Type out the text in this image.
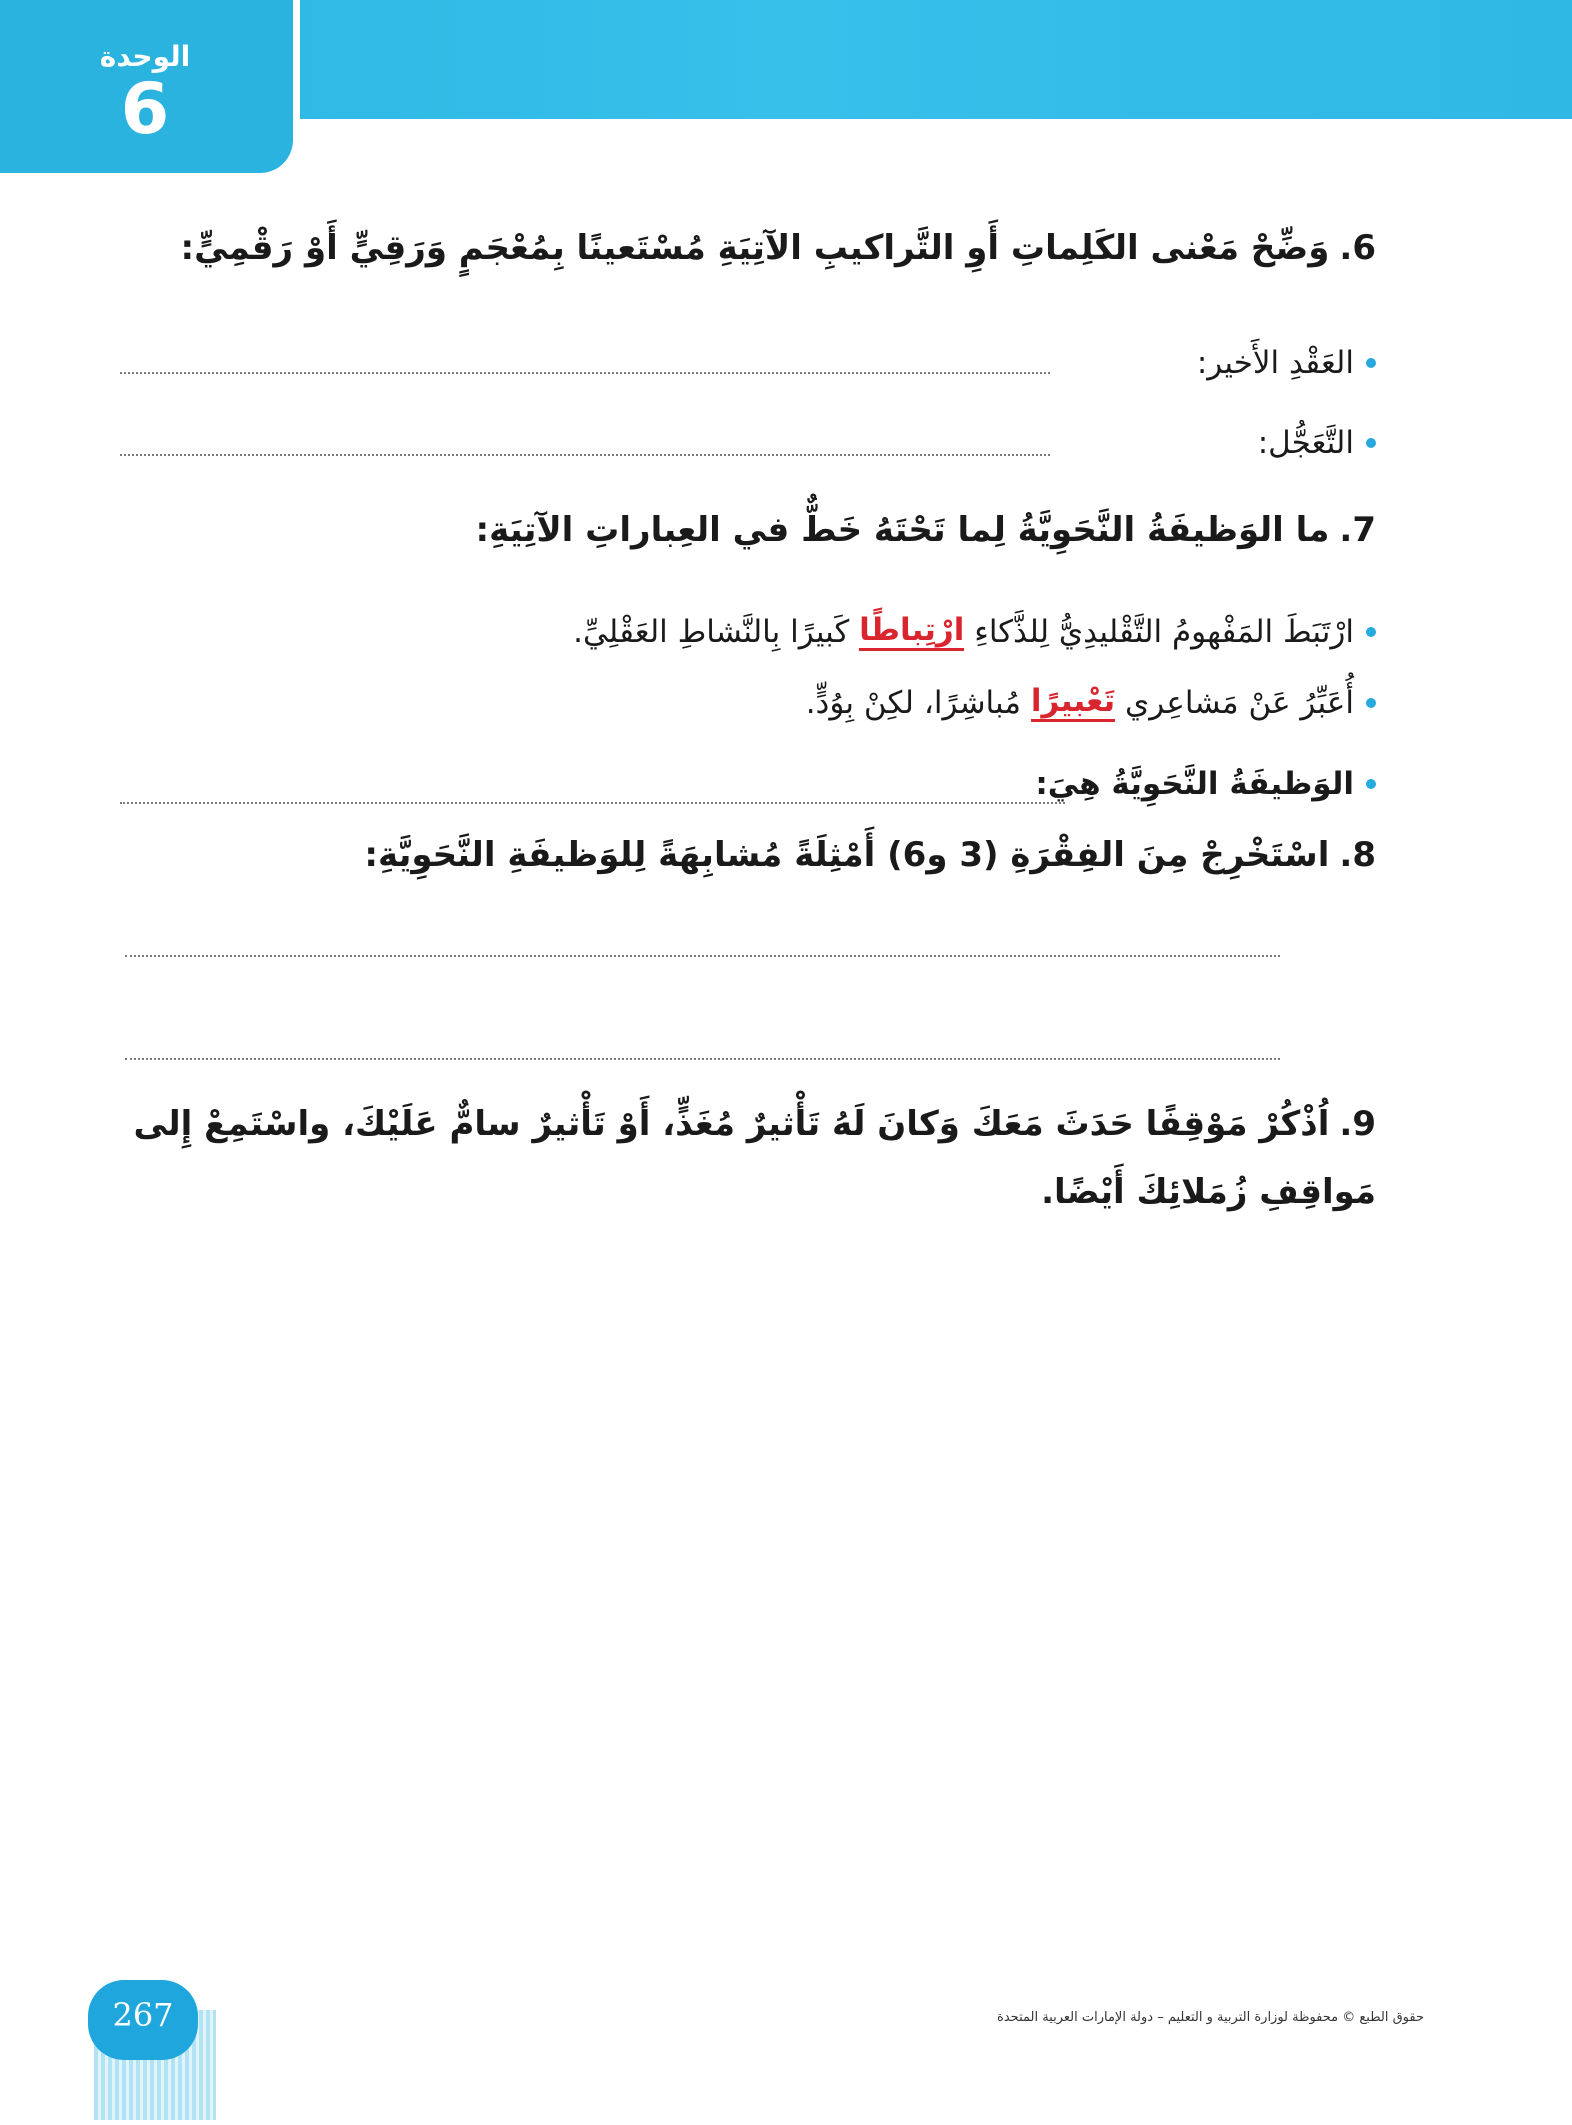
الوحدة
6
6.وَضِّحْ مَعْنى الكَلِماتِ أَوِ التَّراكيبِ الآتِيَةِ مُسْتَعينًا بِمُعْجَمٍ وَرَقِيٍّ أَوْ رَقْمِيٍّ:
العَقْدِ الأَخير:
التَّعَجُّل:
7.ما الوَظيفَةُ النَّحَوِيَّةُ لِما تَحْتَهُ خَطٌّ في العِباراتِ الآتِيَةِ:
ارْتَبَطَ المَفْهومُ التَّقْليدِيُّ لِلذَّكاءِ

ارْتِباطًا

كَبيرًا بِالنَّشاطِ العَقْلِيِّ.
أُعَبِّرُ عَنْ مَشاعِري

تَعْبيرًا

مُباشِرًا، لكِنْ بِوُدٍّ.
الوَظيفَةُ النَّحَوِيَّةُ هِيَ:
8.اسْتَخْرِجْ مِنَ الفِقْرَةِ (3 و6) أَمْثِلَةً مُشابِهَةً لِلوَظيفَةِ النَّحَوِيَّةِ:
9.اُذْكُرْ مَوْقِفًا حَدَثَ مَعَكَ وَكانَ لَهُ تَأْثيرٌ مُغَذٍّ، أَوْ تَأْثيرٌ سامٌّ عَلَيْكَ، واسْتَمِعْ إِلى مَواقِفِ زُمَلائِكَ أَيْضًا.
267	حقوق الطبع © محفوظة لوزارة التربية و التعليم – دولة الإمارات العربية المتحدة
